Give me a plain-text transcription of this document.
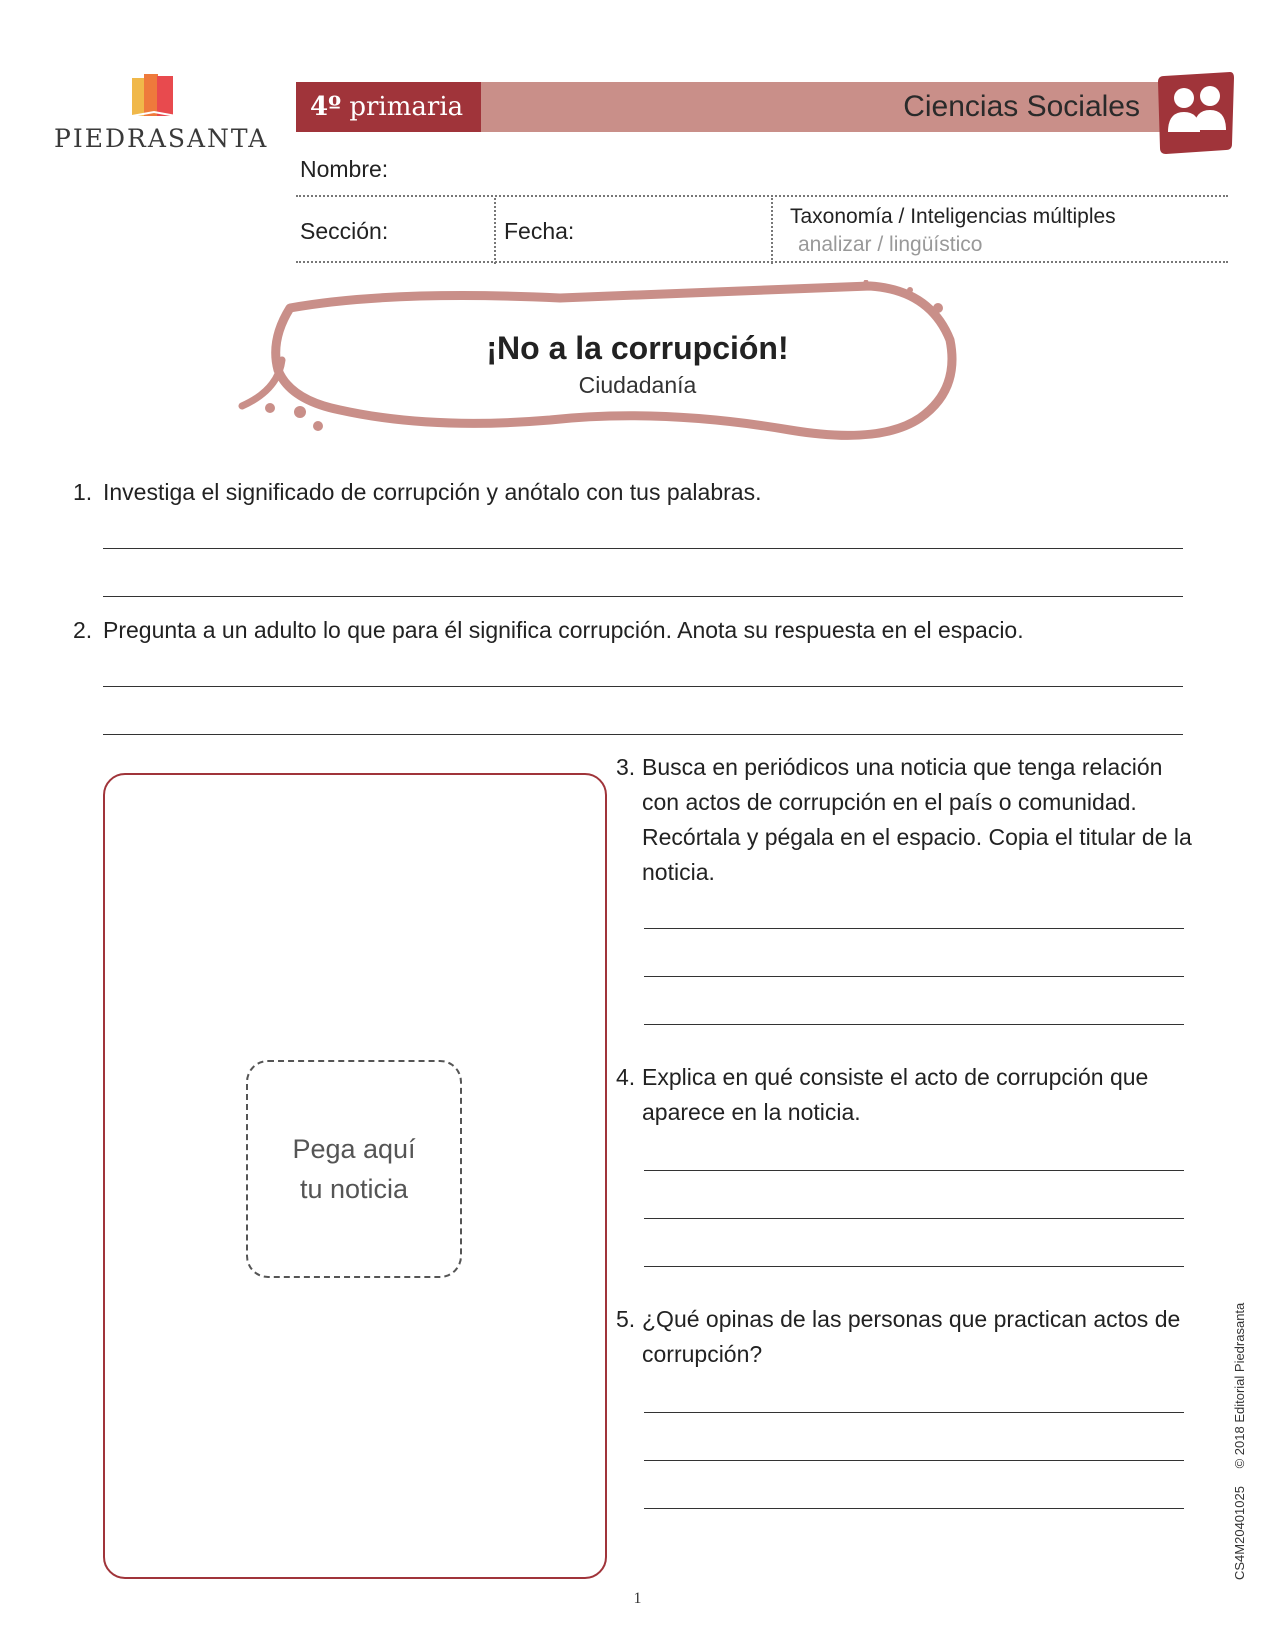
PIEDRASANTA
4º primaria	Ciencias Sociales
Nombre:
Sección:	Fecha:
Taxonomía / Inteligencias múltiples
analizar / lingüístico
¡No a la corrupción!
Ciudadanía
1. Investiga el significado de corrupción y anótalo con tus palabras.
2. Pregunta a un adulto lo que para él significa corrupción. Anota su respuesta en el espacio.
Pega aquí
tu noticia
3. Busca en periódicos una noticia que tenga relación con actos de corrupción en el país o comunidad. Recórtala y pégala en el espacio. Copia el titular de la noticia.
4. Explica en qué consiste el acto de corrupción que aparece en la noticia.
5. ¿Qué opinas de las personas que practican actos de corrupción?
1
CS4M20401025 © 2018 Editorial Piedrasanta
